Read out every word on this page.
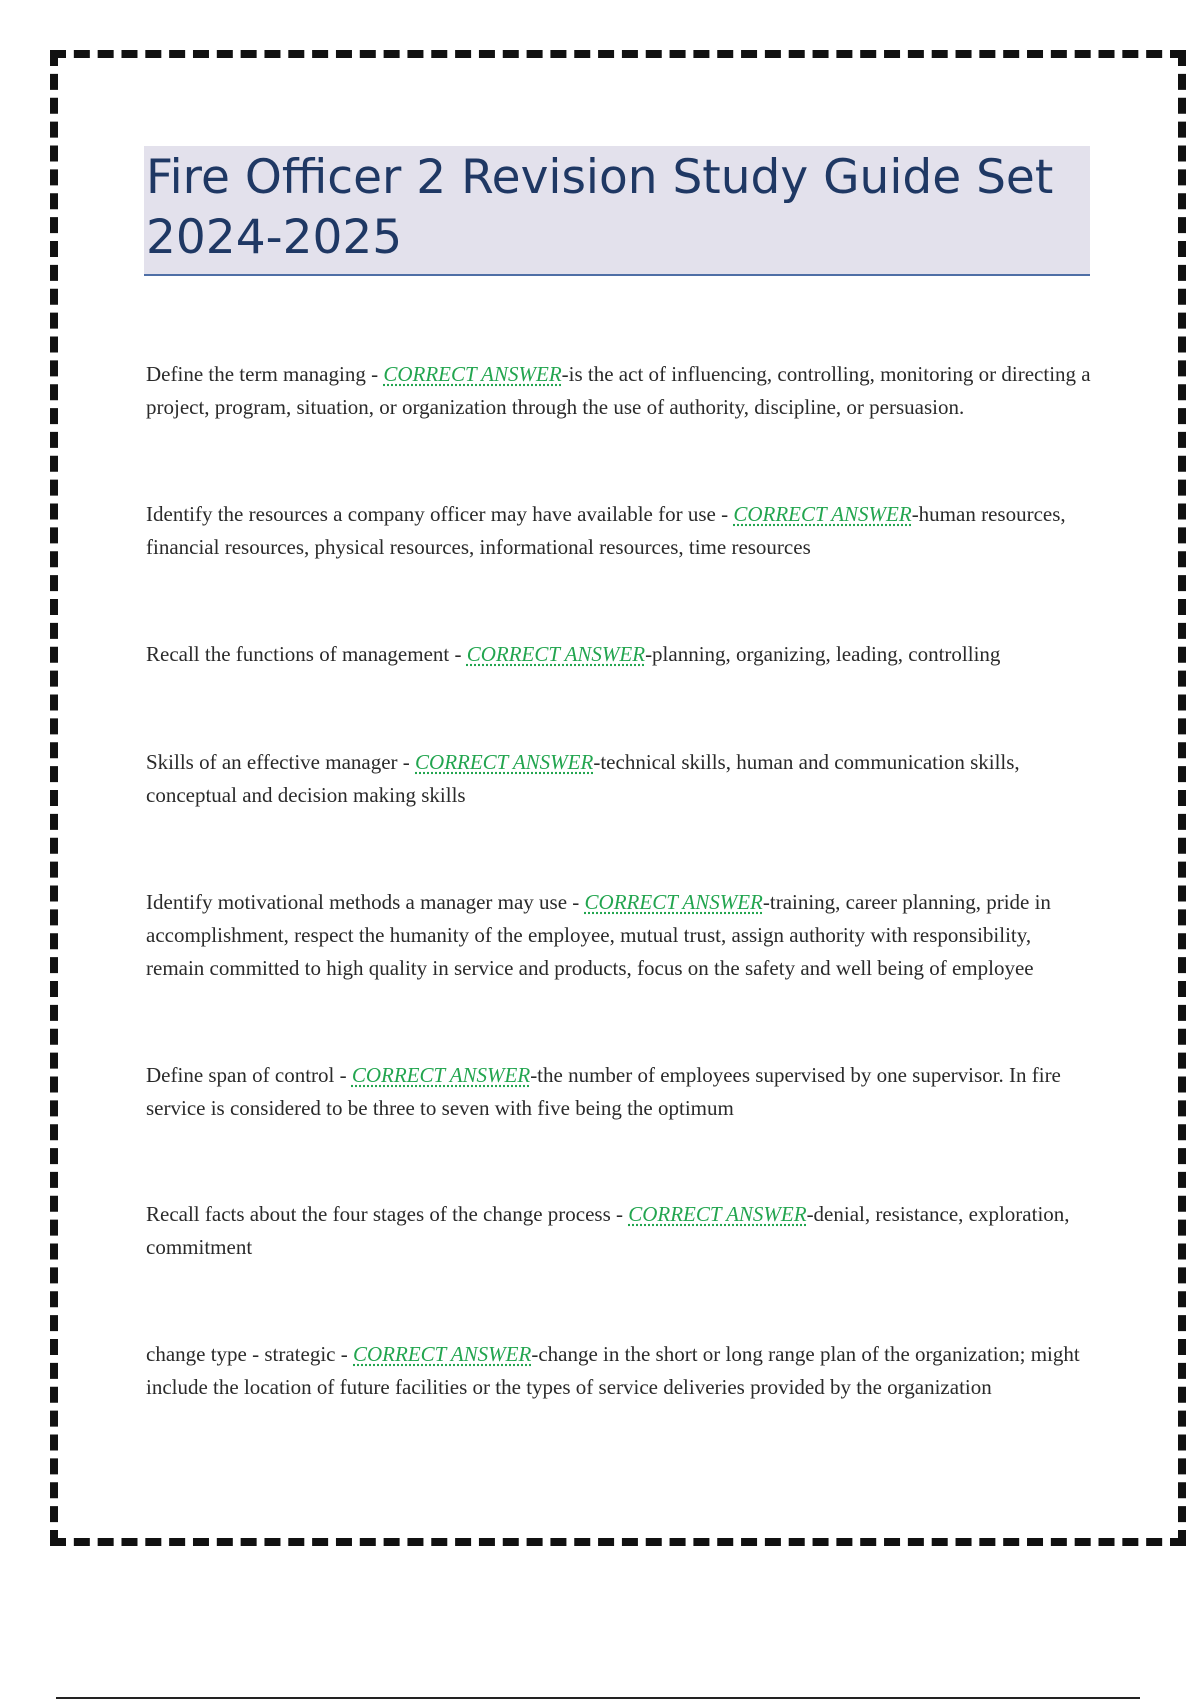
Fire Officer 2 Revision Study Guide Set 2024-2025

Define the term managing - CORRECT ANSWER-is the act of influencing, controlling, monitoring or directing a project, program, situation, or organization through the use of authority, discipline, or persuasion.

Identify the resources a company officer may have available for use - CORRECT ANSWER-human resources, financial resources, physical resources, informational resources, time resources

Recall the functions of management - CORRECT ANSWER-planning, organizing, leading, controlling

Skills of an effective manager - CORRECT ANSWER-technical skills, human and communication skills, conceptual and decision making skills

Identify motivational methods a manager may use - CORRECT ANSWER-training, career planning, pride in accomplishment, respect the humanity of the employee, mutual trust, assign authority with responsibility, remain committed to high quality in service and products, focus on the safety and well being of employee

Define span of control - CORRECT ANSWER-the number of employees supervised by one supervisor. In fire service is considered to be three to seven with five being the optimum

Recall facts about the four stages of the change process - CORRECT ANSWER-denial, resistance, exploration, commitment

change type - strategic - CORRECT ANSWER-change in the short or long range plan of the organization; might include the location of future facilities or the types of service deliveries provided by the organization
